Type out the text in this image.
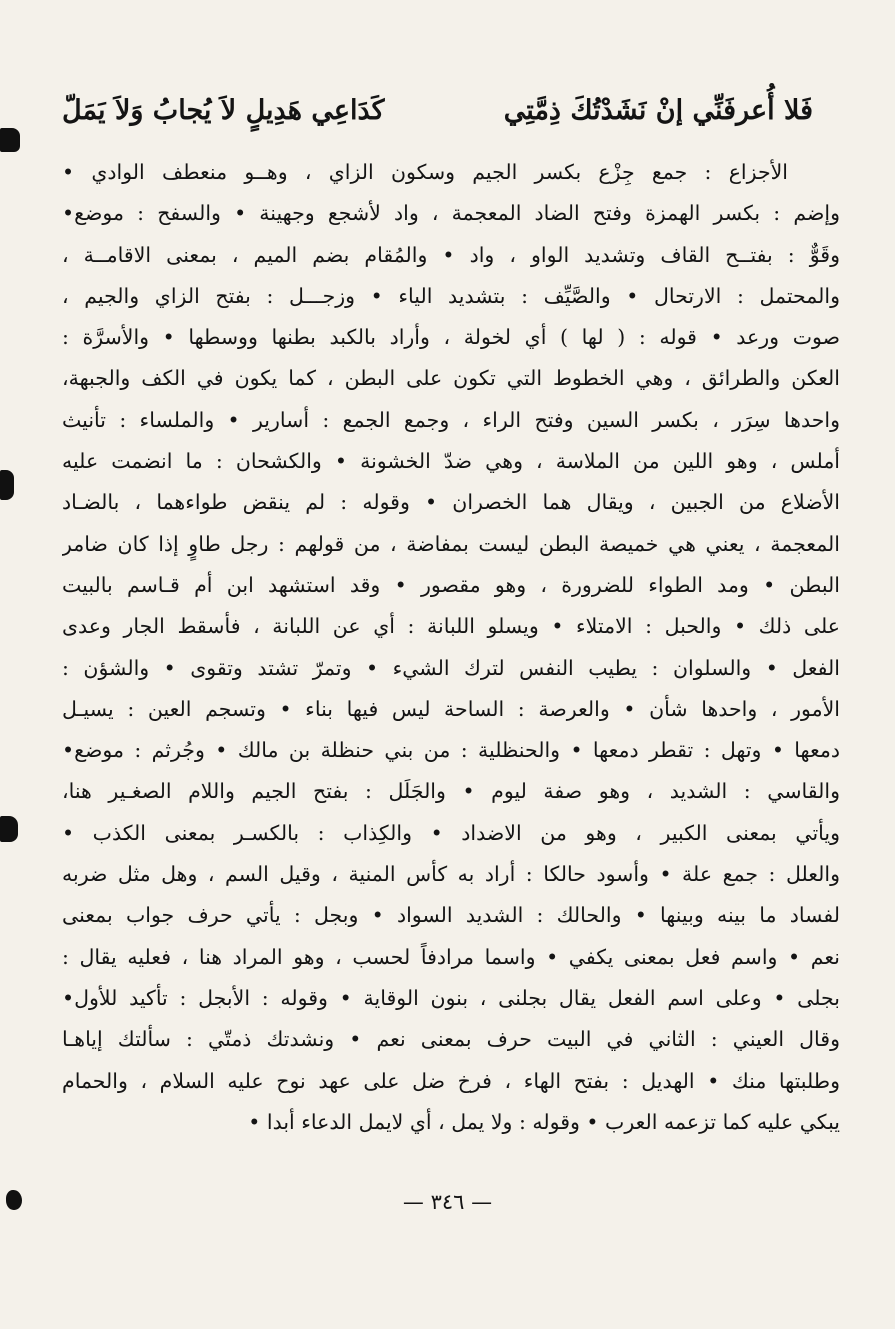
فَلا أُعرفَنِّي إنْ نَشَدْتُكَ ذِمَّتِي
كَدَاعِي هَدِيلٍ لاَ يُجابُ وَلاَ يَمَلّ
الأجزاع : جمع جِزْع بكسر الجيم وسكون الزاي ، وهــو منعطف الوادي •
وإضم : بكسر الهمزة وفتح الضاد المعجمة ، واد لأشجع وجهينة • والسفح : موضع•
وقَوٌّ : بفتــح القاف وتشديد الواو ، واد • والمُقام بضم الميم ، بمعنى الاقامــة ،
والمحتمل : الارتحال • والصَّيِّف : بتشديد الياء • وزجـــل : بفتح الزاي والجيم ،
صوت ورعد • قوله : ( لها ) أي لخولة ، وأراد بالكبد بطنها ووسطها • والأسرَّة :
العكن والطرائق ، وهي الخطوط التي تكون على البطن ، كما يكون في الكف والجبهة،
واحدها سِرَر ، بكسر السين وفتح الراء ، وجمع الجمع : أسارير • والملساء : تأنيث
أملس ، وهو اللين من الملاسة ، وهي ضدّ الخشونة • والكشحان : ما انضمت عليه
الأضلاع من الجبين ، ويقال هما الخصران • وقوله : لم ينقض طواءهما ، بالضـاد
المعجمة ، يعني هي خميصة البطن ليست بمفاضة ، من قولهم : رجل طاوٍ إذا كان ضامر
البطن • ومد الطواء للضرورة ، وهو مقصور • وقد استشهد ابن أم قـاسم بالبيت
على ذلك • والحبل : الامتلاء • ويسلو اللبانة : أي عن اللبانة ، فأسقط الجار وعدى
الفعل • والسلوان : يطيب النفس لترك الشيء • وتمرّ تشتد وتقوى • والشؤن :
الأمور ، واحدها شأن • والعرصة : الساحة ليس فيها بناء • وتسجم العين : يسيـل
دمعها • وتهل : تقطر دمعها • والحنظلية : من بني حنظلة بن مالك • وجُرثم : موضع•
والقاسي : الشديد ، وهو صفة ليوم • والجَلَل : بفتح الجيم واللام الصغـير هنا،
ويأتي بمعنى الكبير ، وهو من الاضداد • والكِذاب : بالكسـر بمعنى الكذب •
والعلل : جمع علة • وأسود حالكا : أراد به كأس المنية ، وقيل السم ، وهل مثل ضربه
لفساد ما بينه وبينها • والحالك : الشديد السواد • وبجل : يأتي حرف جواب بمعنى
نعم • واسم فعل بمعنى يكفي • واسما مرادفاً لحسب ، وهو المراد هنا ، فعليه يقال :
بجلى • وعلى اسم الفعل يقال بجلنى ، بنون الوقاية • وقوله : الأبجل : تأكيد للأول•
وقال العيني : الثاني في البيت حرف بمعنى نعم • ونشدتك ذمتّي : سألتك إياهـا
وطلبتها منك • الهديل : بفتح الهاء ، فرخ ضل على عهد نوح عليه السلام ، والحمام
يبكي عليه كما تزعمه العرب • وقوله : ولا يمل ، أي لايمل الدعاء أبدا •
— ٣٤٦ —
